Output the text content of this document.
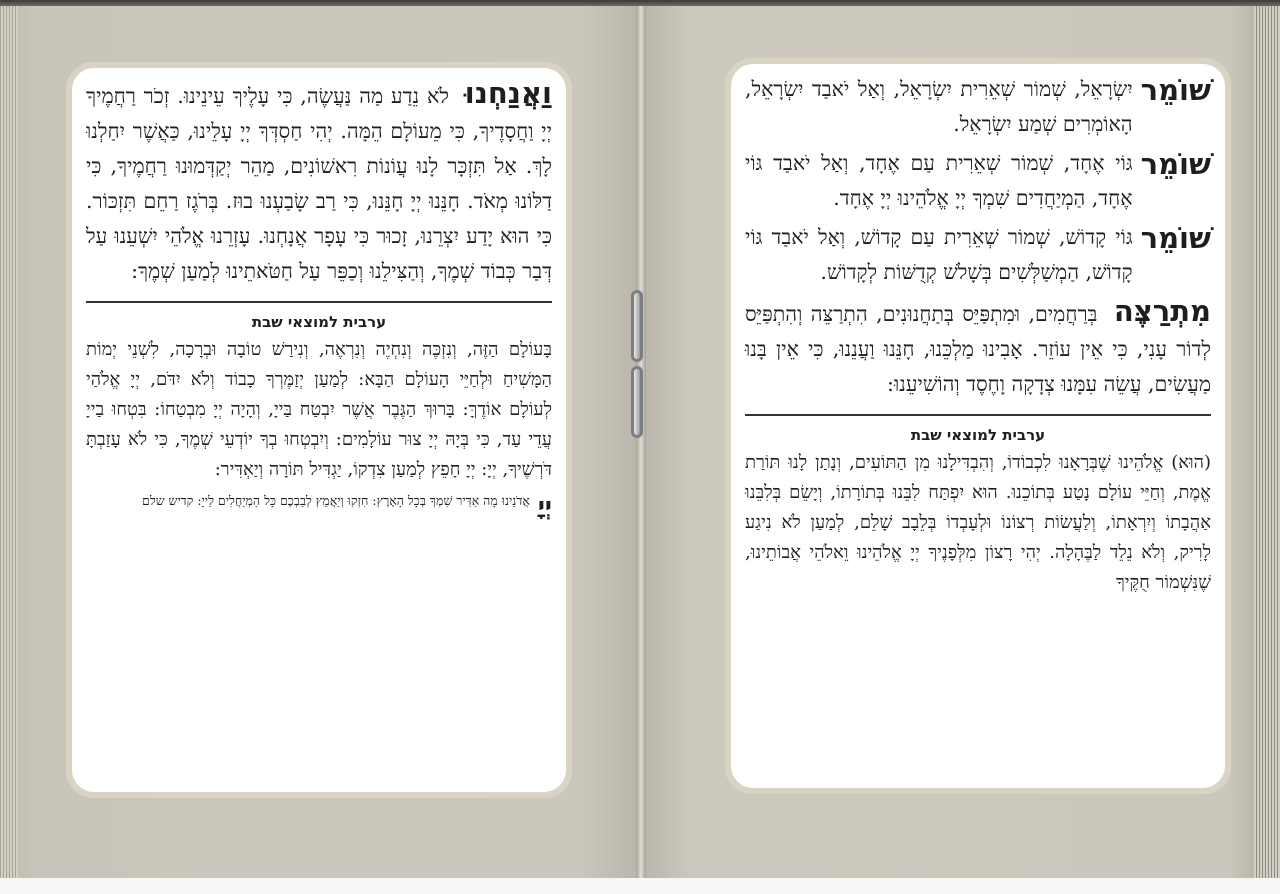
וַאֲנַחְנוּ לֹא נֵדַע מַה נַּעֲשֶׂה, כִּי עָלֶיךָ עֵינֵינוּ. זְכֹר רַחֲמֶיךָ יְיָ וַחֲסָדֶיךָ, כִּי מֵעוֹלָם הֵמָּה. יְהִי חַסְדְּךָ יְיָ עָלֵינוּ, כַּאֲשֶׁר יִחַלְנוּ לָךְ. אַל תִּזְכָּר לָנוּ עֲוֹנוֹת רִאשׁוֹנִים, מַהֵר יְקַדְּמוּנוּ רַחֲמֶיךָ, כִּי דַלּוֹנוּ מְאֹד. חָנֵּנוּ יְיָ חָנֵּנוּ, כִּי רַב שָׂבַעְנוּ בוּז. בְּרֹגֶז רַחֵם תִּזְכּוֹר. כִּי הוּא יָדַע יִצְרֵנוּ, זָכוּר כִּי עָפָר אֲנָחְנוּ. עָזְרֵנוּ אֱלֹהֵי יִשְׁעֵנוּ עַל דְּבַר כְּבוֹד שְׁמֶךָ, וְהַצִּילֵנוּ וְכַפֵּר עַל חַטֹּאתֵינוּ לְמַעַן שְׁמֶךָ:
ערבית למוצאי שבת
בָּעוֹלָם הַזֶּה, וְנִזְכֶּה וְנִחְיֶה וְנִרְאֶה, וְנִירַשׁ טוֹבָה וּבְרָכָה, לִשְׁנֵי יְמוֹת הַמָּשִׁיחַ וּלְחַיֵּי הָעוֹלָם הַבָּא: לְמַעַן יְזַמֶּרְךָ כָבוֹד וְלֹא יִדֹּם, יְיָ אֱלֹהַי לְעוֹלָם אוֹדֶךָּ: בָּרוּךְ הַגֶּבֶר אֲשֶׁר יִבְטַח בַּייָ, וְהָיָה יְיָ מִבְטַחוֹ: בִּטְחוּ בַייָ עֲדֵי עַד, כִּי בְּיָהּ יְיָ צוּר עוֹלָמִים: וְיִבְטְחוּ בְךָ יוֹדְעֵי שְׁמֶךָ, כִּי לֹא עָזַבְתָּ דֹּרְשֶׁיךָ, יְיָ: יְיָ חָפֵץ לְמַעַן צִדְקוֹ, יַגְדִּיל תּוֹרָה וְיַאְדִּיר:
יְיָ
אֲדֹנֵינוּ מָה אַדִּיר שִׁמְךָ בְּכָל הָאָרֶץ: חִזְקוּ וְיַאֲמֵץ לְבַבְכֶם כָּל הַמְיַחֲלִים לַייָ: קדיש שלם
שׁוֹמֵר
יִשְׂרָאֵל, שְׁמוֹר שְׁאֵרִית יִשְׂרָאֵל, וְאַל יֹאבַד יִשְׂרָאֵל, הָאוֹמְרִים שְׁמַע יִשְׂרָאֵל.
שׁוֹמֵר
גּוֹי אֶחָד, שְׁמוֹר שְׁאֵרִית עַם אֶחָד, וְאַל יֹאבַד גּוֹי אֶחָד, הַמְיַחֲדִים שִׁמְךָ יְיָ אֱלֹהֵינוּ יְיָ אֶחָד.
שׁוֹמֵר
גּוֹי קָדוֹשׁ, שְׁמוֹר שְׁאֵרִית עַם קָדוֹשׁ, וְאַל יֹאבַד גּוֹי קָדוֹשׁ, הַמְשַׁלְּשִׁים בְּשָׁלֹשׁ קְדֻשּׁוֹת לְקָדוֹשׁ.
מִתְרַצֶּה בְּרַחֲמִים, וּמִתְפַּיֵּס בְּתַחֲנוּנִים, הִתְרַצֵּה וְהִתְפַּיֵּס לְדוֹר עָנִי, כִּי אֵין עוֹזֵר. אָבִינוּ מַלְכֵּנוּ, חָנֵּנוּ וַעֲנֵנוּ, כִּי אֵין בָּנוּ מַעֲשִׂים, עֲשֵׂה עִמָּנוּ צְדָקָה וָחֶסֶד וְהוֹשִׁיעֵנוּ:
ערבית למוצאי שבת
(הוּא) אֱלֹהֵינוּ שֶׁבְּרָאָנוּ לִכְבוֹדוֹ, וְהִבְדִּילָנוּ מִן הַתּוֹעִים, וְנָתַן לָנוּ תּוֹרַת אֱמֶת, וְחַיֵּי עוֹלָם נָטַע בְּתוֹכֵנוּ. הוּא יִפְתַּח לִבֵּנוּ בְּתוֹרָתוֹ, וְיָשֵׂם בְּלִבֵּנוּ אַהֲבָתוֹ וְיִרְאָתוֹ, וְלַעֲשׂוֹת רְצוֹנוֹ וּלְעָבְדוֹ בְּלֵבָב שָׁלֵם, לְמַעַן לֹא נִיגַע לָרִיק, וְלֹא נֵלֵד לַבֶּהָלָה. יְהִי רָצוֹן מִלְּפָנֶיךָ יְיָ אֱלֹהֵינוּ וֵאלֹהֵי אֲבוֹתֵינוּ, שֶׁנִּשְׁמוֹר חֻקֶּיךָ
